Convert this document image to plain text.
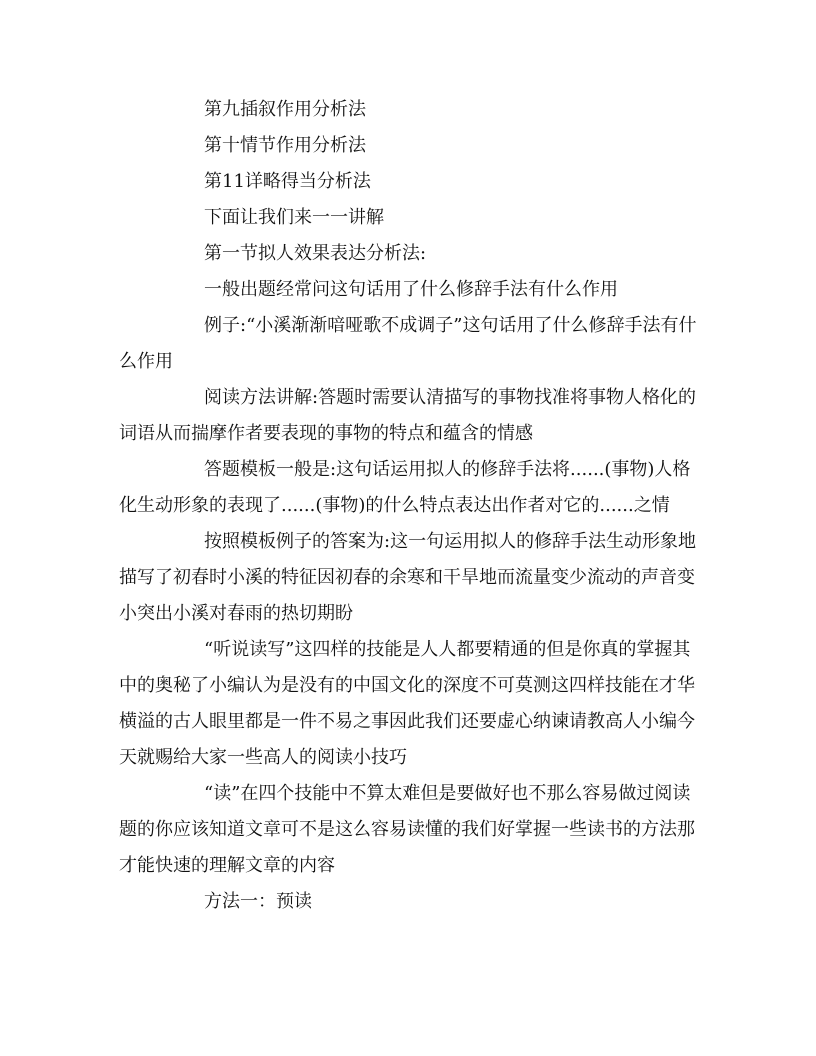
第九插叙作用分析法

第十情节作用分析法

第11详略得当分析法

下面让我们来一一讲解

第一节拟人效果表达分析法:

一般出题经常问这句话用了什么修辞手法有什么作用

例子:“小溪渐渐喑哑歌不成调子”这句话用了什么修辞手法有什么作用

阅读方法讲解:答题时需要认清描写的事物找准将事物人格化的词语从而揣摩作者要表现的事物的特点和蕴含的情感

答题模板一般是:这句话运用拟人的修辞手法将......(事物)人格化生动形象的表现了......(事物)的什么特点表达出作者对它的......之情

按照模板例子的答案为:这一句运用拟人的修辞手法生动形象地描写了初春时小溪的特征因初春的余寒和干旱地而流量变少流动的声音变小突出小溪对春雨的热切期盼

“听说读写”这四样的技能是人人都要精通的但是你真的掌握其中的奥秘了小编认为是没有的中国文化的深度不可莫测这四样技能在才华横溢的古人眼里都是一件不易之事因此我们还要虚心纳谏请教高人小编今天就赐给大家一些高人的阅读小技巧

“读”在四个技能中不算太难但是要做好也不那么容易做过阅读题的你应该知道文章可不是这么容易读懂的我们好掌握一些读书的方法那才能快速的理解文章的内容

方法一：预读
